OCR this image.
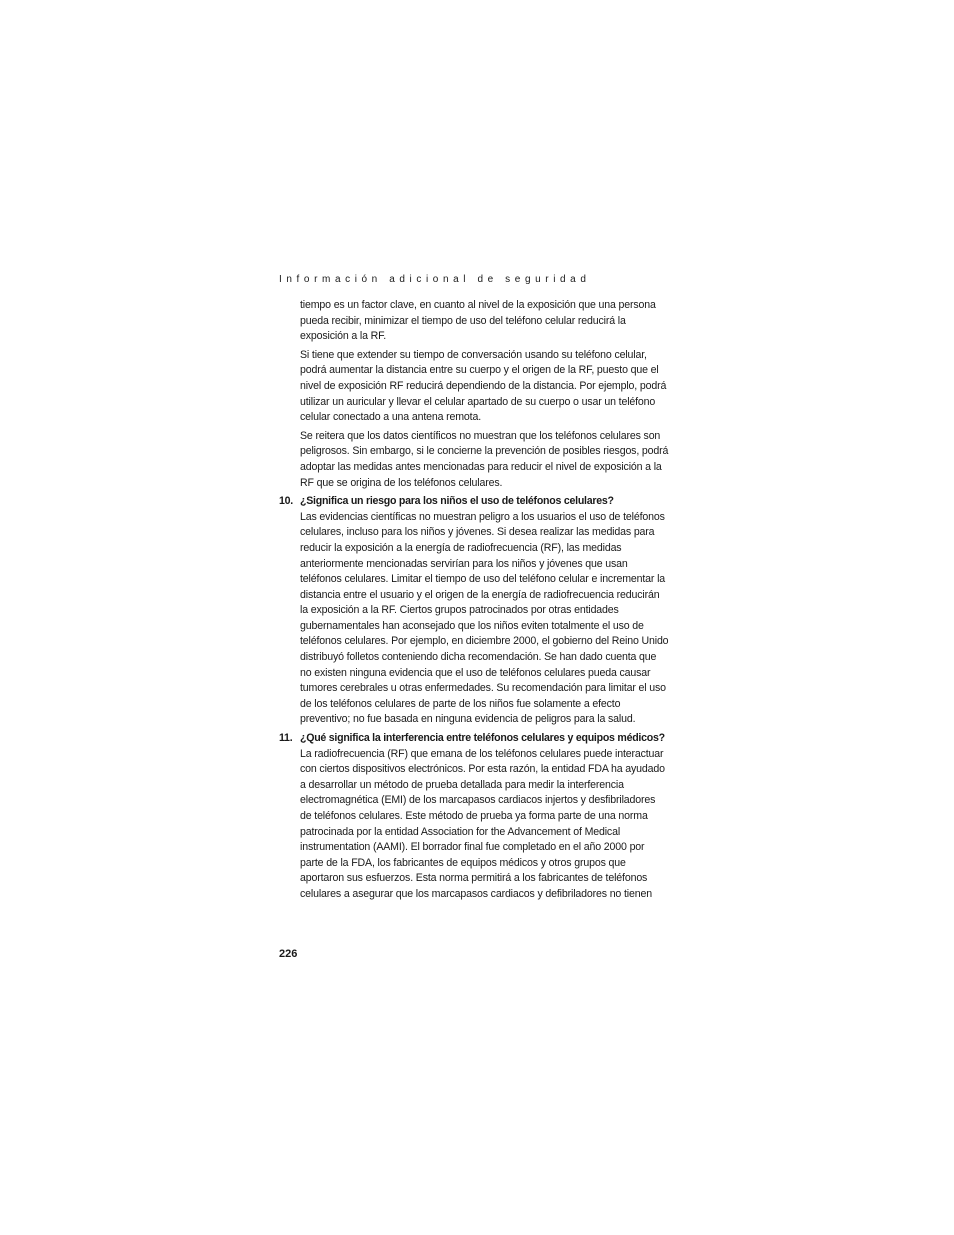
Información adicional de seguridad

tiempo es un factor clave, en cuanto al nivel de la exposición que una persona pueda recibir, minimizar el tiempo de uso del teléfono celular reducirá la exposición a la RF.

Si tiene que extender su tiempo de conversación usando su teléfono celular, podrá aumentar la distancia entre su cuerpo y el origen de la RF, puesto que el nivel de exposición RF reducirá dependiendo de la distancia. Por ejemplo, podrá utilizar un auricular y llevar el celular apartado de su cuerpo o usar un teléfono celular conectado a una antena remota.

Se reitera que los datos científicos no muestran que los teléfonos celulares son peligrosos. Sin embargo, si le concierne la prevención de posibles riesgos, podrá adoptar las medidas antes mencionadas para reducir el nivel de exposición a la RF que se origina de los teléfonos celulares.

10. ¿Significa un riesgo para los niños el uso de teléfonos celulares?

Las evidencias científicas no muestran peligro a los usuarios el uso de teléfonos celulares, incluso para los niños y jóvenes. Si desea realizar las medidas para reducir la exposición a la energía de radiofrecuencia (RF), las medidas anteriormente mencionadas servirían para los niños y jóvenes que usan teléfonos celulares. Limitar el tiempo de uso del teléfono celular e incrementar la distancia entre el usuario y el origen de la energía de radiofrecuencia reducirán la exposición a la RF. Ciertos grupos patrocinados por otras entidades gubernamentales han aconsejado que los niños eviten totalmente el uso de teléfonos celulares. Por ejemplo, en diciembre 2000, el gobierno del Reino Unido distribuyó folletos conteniendo dicha recomendación. Se han dado cuenta que no existen ninguna evidencia que el uso de teléfonos celulares pueda causar tumores cerebrales u otras enfermedades. Su recomendación para limitar el uso de los teléfonos celulares de parte de los niños fue solamente a efecto preventivo; no fue basada en ninguna evidencia de peligros para la salud.

11. ¿Qué significa la interferencia entre teléfonos celulares y equipos médicos?

La radiofrecuencia (RF) que emana de los teléfonos celulares puede interactuar con ciertos dispositivos electrónicos. Por esta razón, la entidad FDA ha ayudado a desarrollar un método de prueba detallada para medir la interferencia electromagnética (EMI) de los marcapasos cardiacos injertos y desfibriladores de teléfonos celulares. Este método de prueba ya forma parte de una norma patrocinada por la entidad Association for the Advancement of Medical instrumentation (AAMI). El borrador final fue completado en el año 2000 por parte de la FDA, los fabricantes de equipos médicos y otros grupos que aportaron sus esfuerzos. Esta norma permitirá a los fabricantes de teléfonos celulares a asegurar que los marcapasos cardiacos y defibriladores no tienen

226
